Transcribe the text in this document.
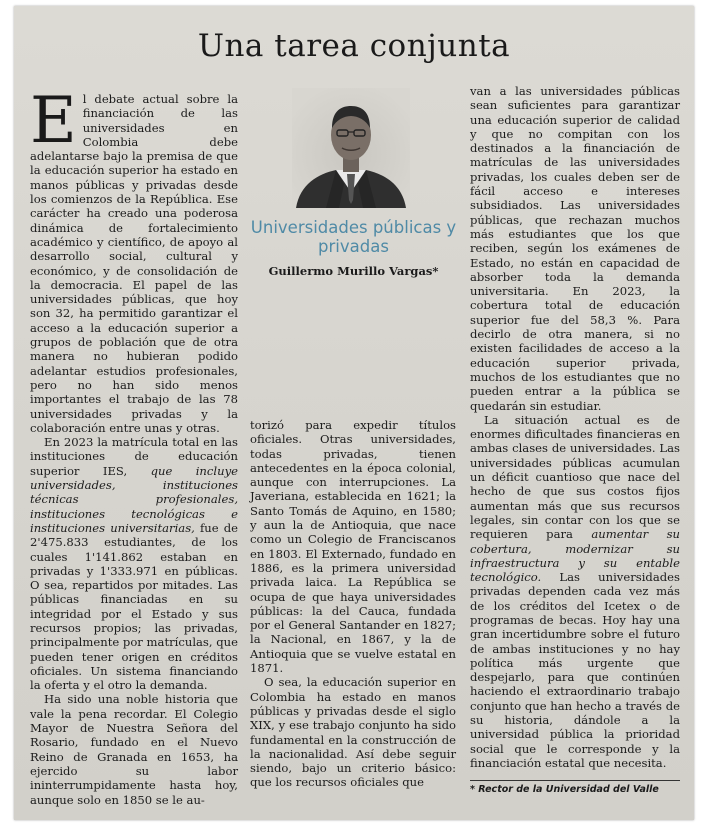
Una tarea conjunta

El debate actual sobre la financiación de las universidades en Colombia debe adelantarse bajo la premisa de que la educación superior ha estado en manos públicas y privadas desde los comienzos de la República. Ese carácter ha creado una poderosa dinámica de fortalecimiento académico y científico, de apoyo al desarrollo social, cultural y económico, y de consolidación de la democracia. El papel de las universidades públicas, que hoy son 32, ha permitido garantizar el acceso a la educación superior a grupos de población que de otra manera no hubieran podido adelantar estudios profesionales, pero no han sido menos importantes el trabajo de las 78 universidades privadas y la colaboración entre unas y otras.

En 2023 la matrícula total en las instituciones de educación superior IES, que incluye universidades, instituciones técnicas profesionales, instituciones tecnológicas e instituciones universitarias, fue de 2'475.833 estudiantes, de los cuales 1'141.862 estaban en privadas y 1'333.971 en públicas. O sea, repartidos por mitades. Las públicas financiadas en su integridad por el Estado y sus recursos propios; las privadas, principalmente por matrículas, que pueden tener origen en créditos oficiales. Un sistema financiando la oferta y el otro la demanda.

Ha sido una noble historia que vale la pena recordar. El Colegio Mayor de Nuestra Señora del Rosario, fundado en el Nuevo Reino de Granada en 1653, ha ejercido su labor ininterrumpidamente hasta hoy, aunque solo en 1850 se le au-

Universidades públicas y privadas
Guillermo Murillo Vargas*

torizó para expedir títulos oficiales. Otras universidades, todas privadas, tienen antecedentes en la época colonial, aunque con interrupciones. La Javeriana, establecida en 1621; la Santo Tomás de Aquino, en 1580; y aun la de Antioquia, que nace como un Colegio de Franciscanos en 1803. El Externado, fundado en 1886, es la primera universidad privada laica. La República se ocupa de que haya universidades públicas: la del Cauca, fundada por el General Santander en 1827; la Nacional, en 1867, y la de Antioquia que se vuelve estatal en 1871.

O sea, la educación superior en Colombia ha estado en manos públicas y privadas desde el siglo XIX, y ese trabajo conjunto ha sido fundamental en la construcción de la nacionalidad. Así debe seguir siendo, bajo un criterio básico: que los recursos oficiales que

van a las universidades públicas sean suficientes para garantizar una educación superior de calidad y que no compitan con los destinados a la financiación de matrículas de las universidades privadas, los cuales deben ser de fácil acceso e intereses subsidiados. Las universidades públicas, que rechazan muchos más estudiantes que los que reciben, según los exámenes de Estado, no están en capacidad de absorber toda la demanda universitaria. En 2023, la cobertura total de educación superior fue del 58,3 %. Para decirlo de otra manera, si no existen facilidades de acceso a la educación superior privada, muchos de los estudiantes que no pueden entrar a la pública se quedarán sin estudiar.

La situación actual es de enormes dificultades financieras en ambas clases de universidades. Las universidades públicas acumulan un déficit cuantioso que nace del hecho de que sus costos fijos aumentan más que sus recursos legales, sin contar con los que se requieren para aumentar su cobertura, modernizar su infraestructura y su entable tecnológico. Las universidades privadas dependen cada vez más de los créditos del Icetex o de programas de becas. Hoy hay una gran incertidumbre sobre el futuro de ambas instituciones y no hay política más urgente que despejarlo, para que continúen haciendo el extraordinario trabajo conjunto que han hecho a través de su historia, dándole a la universidad pública la prioridad social que le corresponde y la financiación estatal que necesita.

* Rector de la Universidad del Valle
